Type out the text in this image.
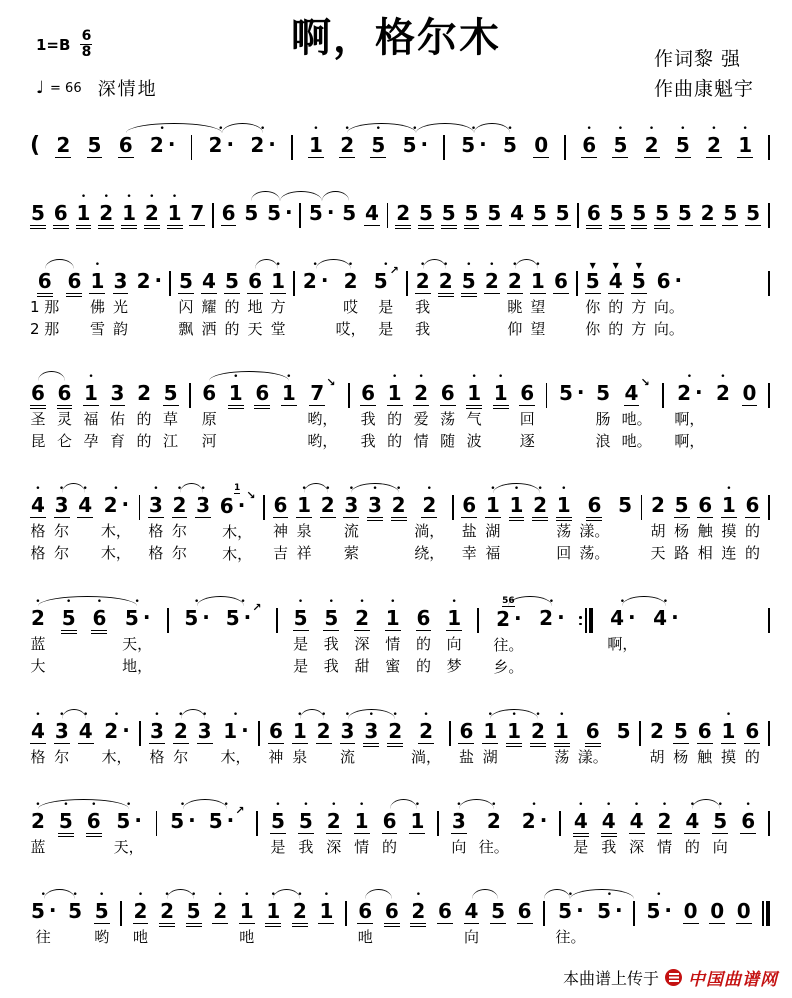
啊，格尔木
1=B 6
8
♩ = 66 深情地
作词黎 强
作曲康魁宇
( 2 5 6
•
2 ·
•
2 ·
•
2 ·
•
1
•
2
•
5
•
5 ·
•
5 ·
•
5 0
•
6
•
5
•
2
•
5
•
2
•
1
5 6
•
1
•
2
•
1
•
2
•
1 7 6 5 5 · 5 · 5 4 2 5 5 5 5 4 5 5 6 5 5 5 5 2 5 5
6
1 那
2 那
6
•
1
佛
雪
3
光
韵
2 · 5
闪
飘
4
耀
洒
5
的
的
6
地
天
•
1
方
堂
•
2 ·
•
2
哎
哎，
•
5 ↗
是
是
•
2
我
我
•
2
•
5
•
2
•
2
眺
仰
•
1
望
望
6
▼
5
你
你
▼
4
的
的
▼
5
方
方
6 ·
向。
向。
6
圣
昆
6
灵
仑
•
1
福
孕
3
佑
育
2
的
的
5
草
江
6
原
河
•
1 6
•
1 7 ↘
哟，
哟，
6
我
我
•
1
的
的
•
2
爱
情
6
荡
随
•
1
气
波
•
1 6
回
逐
5 · 5
肠
浪
4 ↘
吔。
吔。
•
2 ·
啊，
啊，
•
2 0
•
4
格
格
•
3
尔
尔
•
4
•
2 ·
木，
木，
•
3
格
格
•
2
尔
尔
•
3
1
6 · ↘
木，
木，
6
神
吉
•
1
泉
祥
•
2
•
3
流
萦
•
3
•
2
•
2
淌，
绕，
6
盐
幸
•
1
湖
福
•
1
•
2
•
1
荡
回
6
漾。
荡。
5 2
胡
天
5
杨
路
6
触
相
•
1
摸
连
6
的
的
•
2
蓝
大
•
5
•
6
•
5 ·
天，
地，
•
5 ·
•
5 · ↗	•
5
是
是
•
5
我
我
•
2
深
甜
•
1
情
蜜
6
的
的
•
1
向
梦
56
2 ·
往。
乡。
•
2 ·
•
4 ·
啊，
•
4 ·
•
4
格
•
3
尔
•
4
•
2 ·
木，
•
3
格
•
2
尔
•
3
•
1 ·
木，
6
神
•
1
泉
•
2
•
3
流
•
3
•
2
•
2
淌，
6
盐
•
1
湖
•
1
•
2
•
1
荡
6
漾。
5 2
胡
5
杨
6
触
•
1
摸
6
的
•
2
蓝
•
5
•
6
•
5 ·
天，
•
5 ·
•
5 · ↗	•
5
是
•
5
我
•
2
深
•
1
情
6
的
•
1
•
3
向
•
2
往。
•
2 ·
•
4
是
•
4
我
•
4
深
•
2
情
•
4
的
•
5
向
•
6
•
5 ·
往
•
5
•
5
哟
•
2
吔
•
2
•
5
•
2
•
1
吔
•
1
•
2
•
1 6
吔
6
•
2 6 4
向
5 6
•
5 ·
往。
•
5 ·
•
5 · 0 0 0
本曲谱上传于 中国曲谱网
